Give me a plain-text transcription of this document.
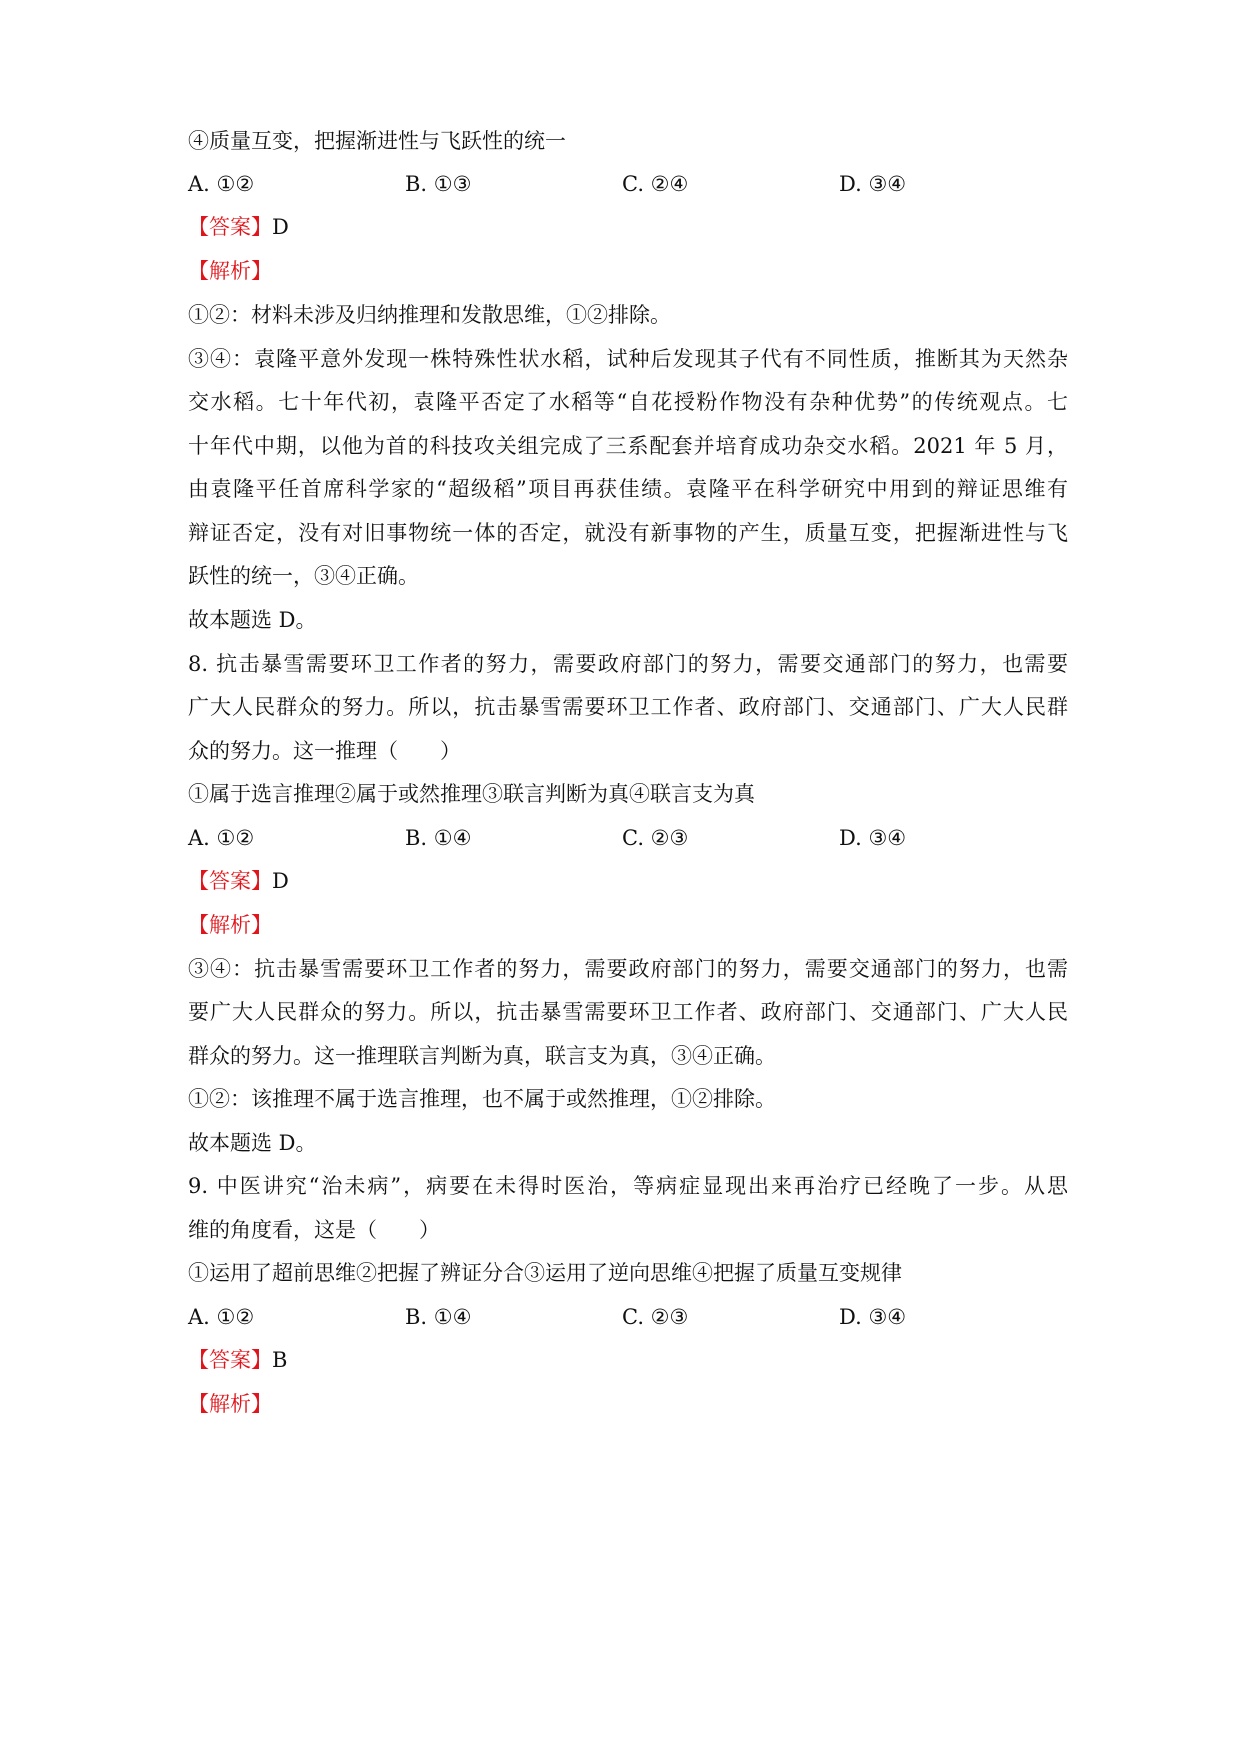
④质量互变，把握渐进性与飞跃性的统一
A. ①②	B. ①③	C. ②④	D. ③④
【答案】D
【解析】
①②：材料未涉及归纳推理和发散思维，①②排除。
③④：袁隆平意外发现一株特殊性状水稻，试种后发现其子代有不同性质，推断其为天然杂
交水稻。七十年代初，袁隆平否定了水稻等“自花授粉作物没有杂种优势”的传统观点。七
十年代中期，以他为首的科技攻关组完成了三系配套并培育成功杂交水稻。2021 年 5 月，
由袁隆平任首席科学家的“超级稻”项目再获佳绩。袁隆平在科学研究中用到的辩证思维有
辩证否定，没有对旧事物统一体的否定，就没有新事物的产生，质量互变，把握渐进性与飞
跃性的统一，③④正确。
故本题选 D。
8. 抗击暴雪需要环卫工作者的努力，需要政府部门的努力，需要交通部门的努力，也需要
广大人民群众的努力。所以，抗击暴雪需要环卫工作者、政府部门、交通部门、广大人民群
众的努力。这一推理（　　）
①属于选言推理②属于或然推理③联言判断为真④联言支为真
A. ①②	B. ①④	C. ②③	D. ③④
【答案】D
【解析】
③④：抗击暴雪需要环卫工作者的努力，需要政府部门的努力，需要交通部门的努力，也需
要广大人民群众的努力。所以，抗击暴雪需要环卫工作者、政府部门、交通部门、广大人民
群众的努力。这一推理联言判断为真，联言支为真，③④正确。
①②：该推理不属于选言推理，也不属于或然推理，①②排除。
故本题选 D。
9. 中医讲究“治未病”，病要在未得时医治，等病症显现出来再治疗已经晚了一步。从思
维的角度看，这是（　　）
①运用了超前思维②把握了辨证分合③运用了逆向思维④把握了质量互变规律
A. ①②	B. ①④	C. ②③	D. ③④
【答案】B
【解析】
